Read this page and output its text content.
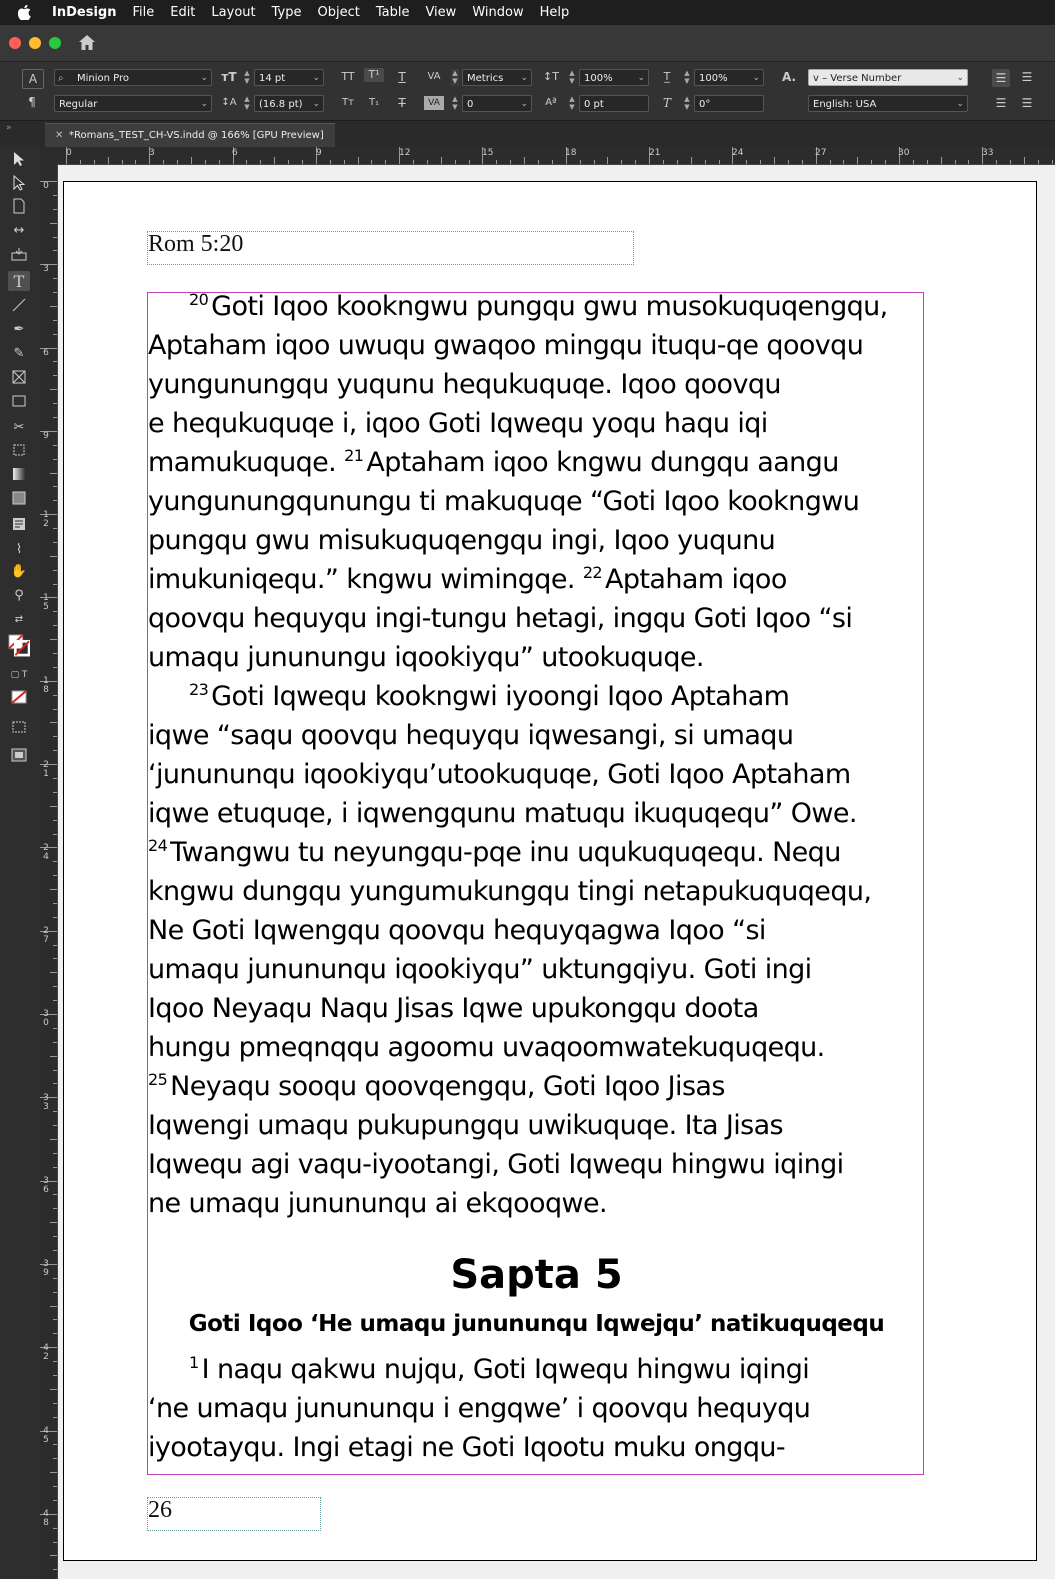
InDesign	File	Edit	Layout	Type	Object	Table	View	Window	Help
A
¶
⌕ Minion Pro	⌄
Regular	⌄
ᴛT ▲
▼ 14 pt	⌄
↕A ▲
▼ (16.8 pt) ⌄
TT	T¹	T
Tт	T₁	T
VA	▲
▼ Metrics ⌄
VA	▲
▼ 0	⌄
↕T ▲
▼ 100%	⌄
Aª	▲
▼ 0 pt
T̲	▲
▼ 100%	⌄
T	▲
▼ 0°
A.	v – Verse Number	⌄
English: USA	⌄
☰	☰
☰	☰
»
✕ *Romans_TEST_CH-VS.indd @ 166% [GPU Preview]
↔
T
✒
✎
✂
⌇
✋
⚲
⇄
▢ T
0	3	6	9	12	15	18	21	24	27	30	33
0
3
6
9
12
15
18
21
24
27
30
33
36
39
42
45
48
Rom 5:20
$^{20}$ Goti Iqoo kookngwu pungqu gwu musokuquqengqu,
Aptaham iqoo uwuqu gwaqoo mingqu ituqu-qe qoovqu
yungunungqu yuqunu hequkuquqe. Iqoo qoovqu
e hequkuquqe i, iqoo Goti Iqwequ yoqu haqu iqi
mamukuquqe. $^{21}$ Aptaham iqoo kngwu dungqu aangu
yungunungqunungu ti makuquqe “Goti Iqoo kookngwu
pungqu gwu misukuquqengqu ingi, Iqoo yuqunu
imukuniqequ.” kngwu wimingqe. $^{22}$ Aptaham iqoo
qoovqu hequyqu ingi-tungu hetagi, ingqu Goti Iqoo “si
umaqu jununungu iqookiyqu” utookuquqe.
$^{23}$ Goti Iqwequ kookngwi iyoongi Iqoo Aptaham
iqwe “saqu qoovqu hequyqu iqwesangi, si umaqu
‘junununqu iqookiyqu’utookuquqe, Goti Iqoo Aptaham
iqwe etuquqe, i iqwengqunu matuqu ikuquqequ” Owe.
$^{24}$ Twangwu tu neyungqu-pqe inu uqukuquqequ. Nequ
kngwu dungqu yungumukungqu tingi netapukuquqequ,
Ne Goti Iqwengqu qoovqu hequyqagwa Iqoo “si
umaqu junununqu iqookiyqu” uktungqiyu. Goti ingi
Iqoo Neyaqu Naqu Jisas Iqwe upukongqu doota
hungu pmeqnqqu agoomu uvaqoomwatekuquqequ.
$^{25}$ Neyaqu sooqu qoovqengqu, Goti Iqoo Jisas
Iqwengi umaqu pukupungqu uwikuquqe. Ita Jisas
Iqwequ agi vaqu-iyootangi, Goti Iqwequ hingwu iqingi
ne umaqu junununqu ai ekqooqwe.
Sapta 5
Goti Iqoo ‘He umaqu junununqu Iqwejqu’ natikuquqequ
$^1$ I naqu qakwu nujqu, Goti Iqwequ hingwu iqingi
‘ne umaqu junununqu i engqwe’ i qoovqu hequyqu
iyootayqu. Ingi etagi ne Goti Iqootu muku ongqu-
26
